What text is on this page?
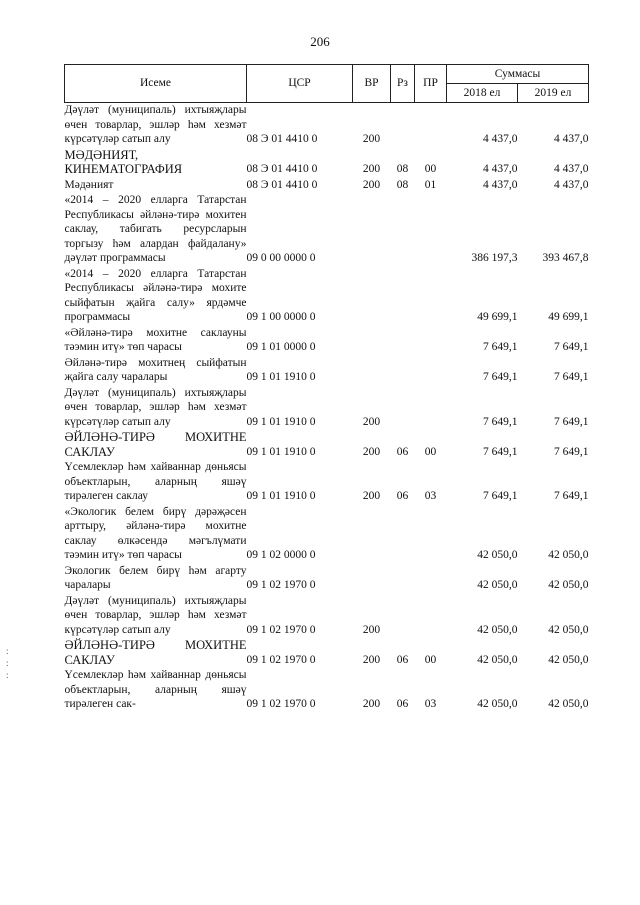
206
Исеме	ЦСР	ВР	Рз	ПР	Суммасы	
					2018 ел	2019 ел
Дәүләт (муниципаль) ихтыяҗлары өчен товарлар, эшләр һәм хезмәт күрсәтүләр сатып алу	08 Э 01 4410 0	200			4 437,0	4 437,0
МӘДӘНИЯТ, КИНЕМАТОГРАФИЯ	08 Э 01 4410 0	200	08	00	4 437,0	4 437,0
Мәдәният	08 Э 01 4410 0	200	08	01	4 437,0	4 437,0
«2014 – 2020 елларга Татарстан Республикасы әйләнә-тирә мохитен саклау, табигать ресурсларын торгызу һәм алардан файдалану» дәүләт программасы	09 0 00 0000 0				386 197,3	393 467,8
«2014 – 2020 елларга Татарстан Республикасы әйләнә-тирә мохите сыйфатын җайга салу» ярдәмче программасы	09 1 00 0000 0				49 699,1	49 699,1
«Әйләнә-тирә мохитне саклауны тәэмин итү» төп чарасы	09 1 01 0000 0				7 649,1	7 649,1
Әйләнә-тирә мохитнең сыйфатын җайга салу чаралары	09 1 01 1910 0				7 649,1	7 649,1
Дәүләт (муниципаль) ихтыяҗлары өчен товарлар, эшләр һәм хезмәт күрсәтүләр сатып алу	09 1 01 1910 0	200			7 649,1	7 649,1
ӘЙЛӘНӘ-ТИРӘ МОХИТНЕ САКЛАУ	09 1 01 1910 0	200	06	00	7 649,1	7 649,1
Үсемлекләр һәм хайваннар дөньясы объектларын, аларның яшәү тирәлеген саклау	09 1 01 1910 0	200	06	03	7 649,1	7 649,1
«Экологик белем бирү дәрәҗәсен арттыру, әйләнә-тирә мохитне саклау өлкәсендә мәгълүмати тәэмин итү» төп чарасы	09 1 02 0000 0				42 050,0	42 050,0
Экологик белем бирү һәм агарту чаралары	09 1 02 1970 0				42 050,0	42 050,0
Дәүләт (муниципаль) ихтыяҗлары өчен товарлар, эшләр һәм хезмәт күрсәтүләр сатып алу	09 1 02 1970 0	200			42 050,0	42 050,0
ӘЙЛӘНӘ-ТИРӘ МОХИТНЕ САКЛАУ	09 1 02 1970 0	200	06	00	42 050,0	42 050,0
Үсемлекләр һәм хайваннар дөньясы объектларын, аларның яшәү тирәлеген сак-	09 1 02 1970 0	200	06	03	42 050,0	42 050,0
:

:

:
